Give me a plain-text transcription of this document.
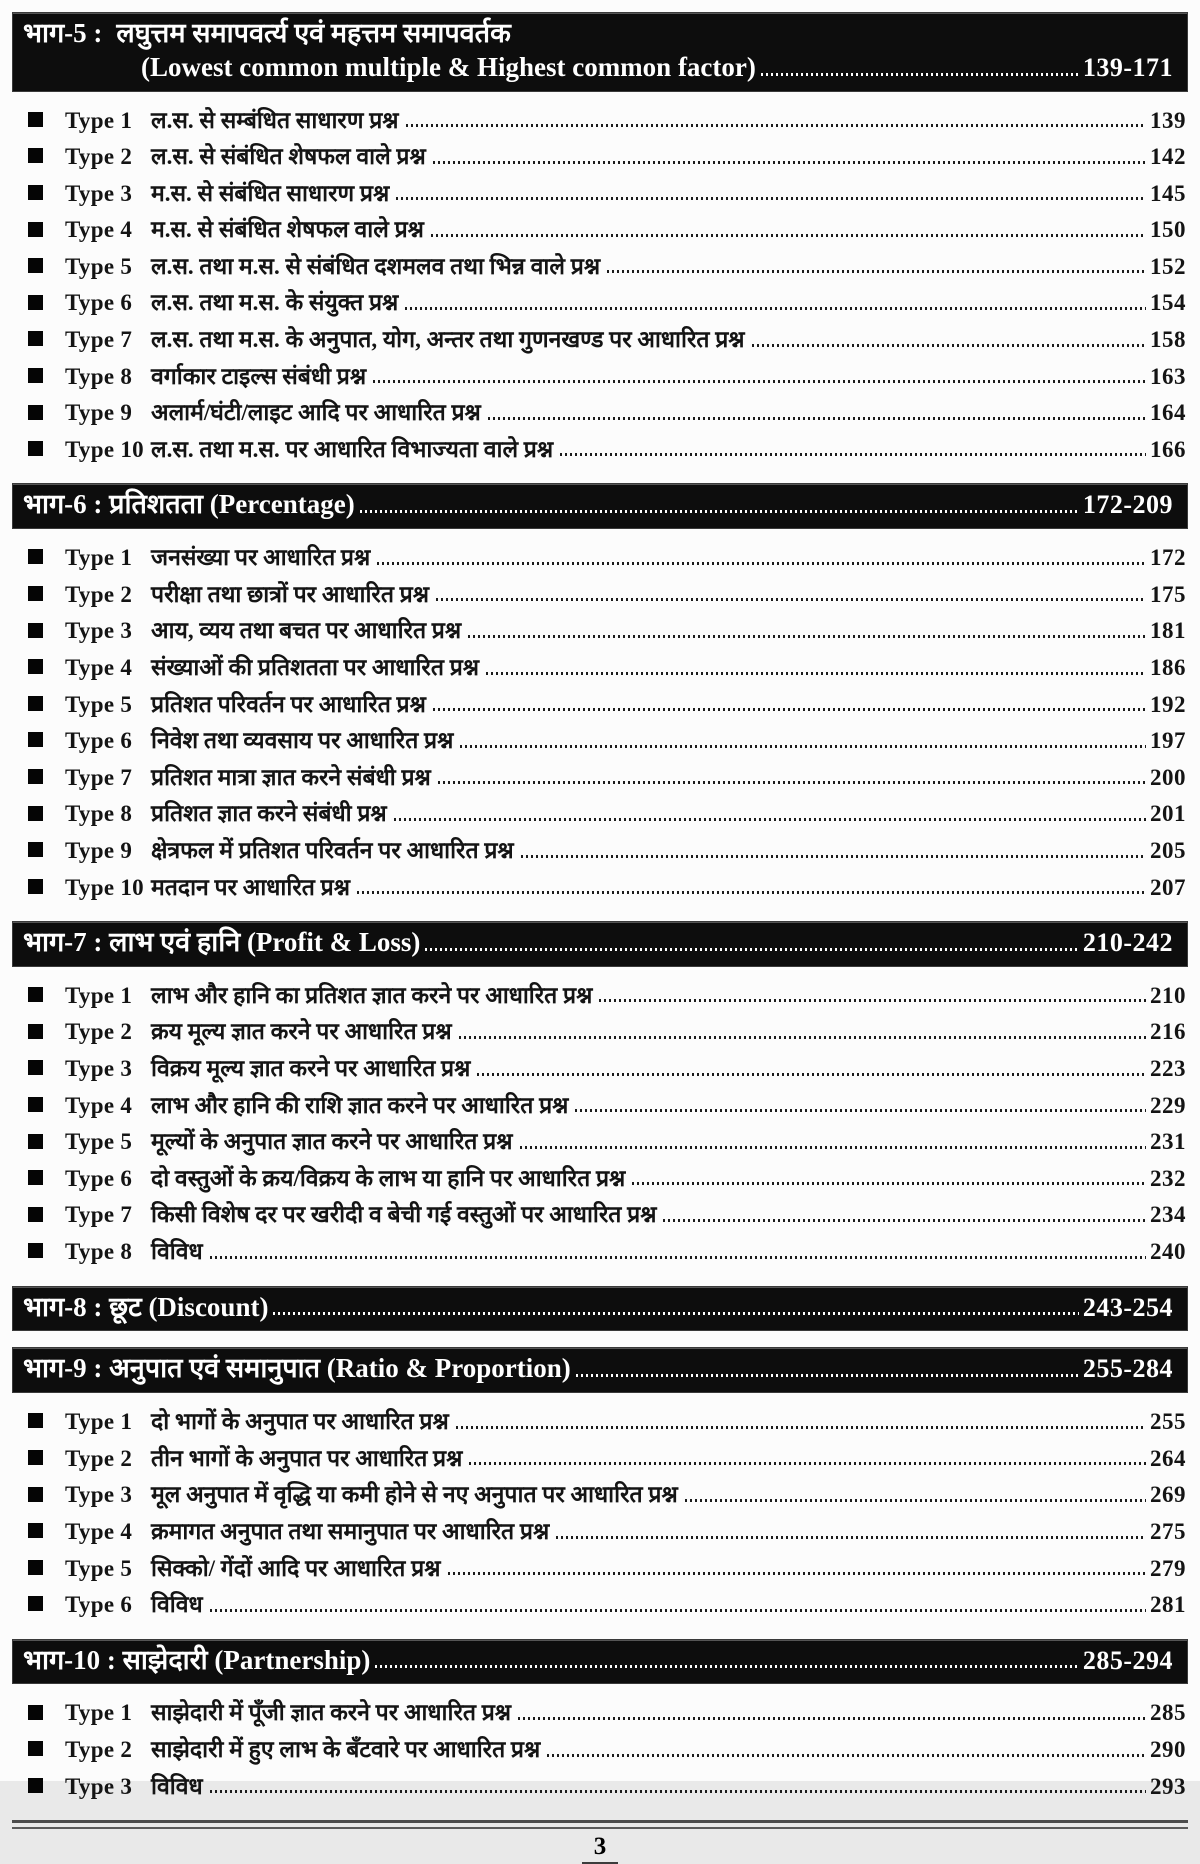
भाग-5 : लघुत्तम समापवर्त्य एवं महत्तम समापवर्तक
(Lowest common multiple & Highest common factor)	139-171
Type 1 ल.स. से सम्बंधित साधारण प्रश्न	139
Type 2 ल.स. से संबंधित शेषफल वाले प्रश्न	142
Type 3 म.स. से संबंधित साधारण प्रश्न	145
Type 4 म.स. से संबंधित शेषफल वाले प्रश्न	150
Type 5 ल.स. तथा म.स. से संबंधित दशमलव तथा भिन्न वाले प्रश्न	152
Type 6 ल.स. तथा म.स. के संयुक्त प्रश्न	154
Type 7 ल.स. तथा म.स. के अनुपात, योग, अन्तर तथा गुणनखण्ड पर आधारित प्रश्न	158
Type 8 वर्गाकार टाइल्स संबंधी प्रश्न	163
Type 9 अलार्म/घंटी/लाइट आदि पर आधारित प्रश्न	164
Type 10 ल.स. तथा म.स. पर आधारित विभाज्यता वाले प्रश्न	166
भाग-6 : प्रतिशतता (Percentage)	172-209
Type 1 जनसंख्या पर आधारित प्रश्न	172
Type 2 परीक्षा तथा छात्रों पर आधारित प्रश्न	175
Type 3 आय, व्यय तथा बचत पर आधारित प्रश्न	181
Type 4 संख्याओं की प्रतिशतता पर आधारित प्रश्न	186
Type 5 प्रतिशत परिवर्तन पर आधारित प्रश्न	192
Type 6 निवेश तथा व्यवसाय पर आधारित प्रश्न	197
Type 7 प्रतिशत मात्रा ज्ञात करने संबंधी प्रश्न	200
Type 8 प्रतिशत ज्ञात करने संबंधी प्रश्न	201
Type 9 क्षेत्रफल में प्रतिशत परिवर्तन पर आधारित प्रश्न	205
Type 10 मतदान पर आधारित प्रश्न	207
भाग-7 : लाभ एवं हानि (Profit & Loss)	210-242
Type 1 लाभ और हानि का प्रतिशत ज्ञात करने पर आधारित प्रश्न	210
Type 2 क्रय मूल्य ज्ञात करने पर आधारित प्रश्न	216
Type 3 विक्रय मूल्य ज्ञात करने पर आधारित प्रश्न	223
Type 4 लाभ और हानि की राशि ज्ञात करने पर आधारित प्रश्न	229
Type 5 मूल्यों के अनुपात ज्ञात करने पर आधारित प्रश्न	231
Type 6 दो वस्तुओं के क्रय/विक्रय के लाभ या हानि पर आधारित प्रश्न	232
Type 7 किसी विशेष दर पर खरीदी व बेची गई वस्तुओं पर आधारित प्रश्न	234
Type 8 विविध	240
भाग-8 : छूट (Discount)	243-254
भाग-9 : अनुपात एवं समानुपात (Ratio & Proportion)	255-284
Type 1 दो भागों के अनुपात पर आधारित प्रश्न	255
Type 2 तीन भागों के अनुपात पर आधारित प्रश्न	264
Type 3 मूल अनुपात में वृद्धि या कमी होने से नए अनुपात पर आधारित प्रश्न	269
Type 4 क्रमागत अनुपात तथा समानुपात पर आधारित प्रश्न	275
Type 5 सिक्को/ गेंदों आदि पर आधारित प्रश्न	279
Type 6 विविध	281
भाग-10 : साझेदारी (Partnership)	285-294
Type 1 साझेदारी में पूँजी ज्ञात करने पर आधारित प्रश्न	285
Type 2 साझेदारी में हुए लाभ के बँटवारे पर आधारित प्रश्न	290
Type 3 विविध	293
3
